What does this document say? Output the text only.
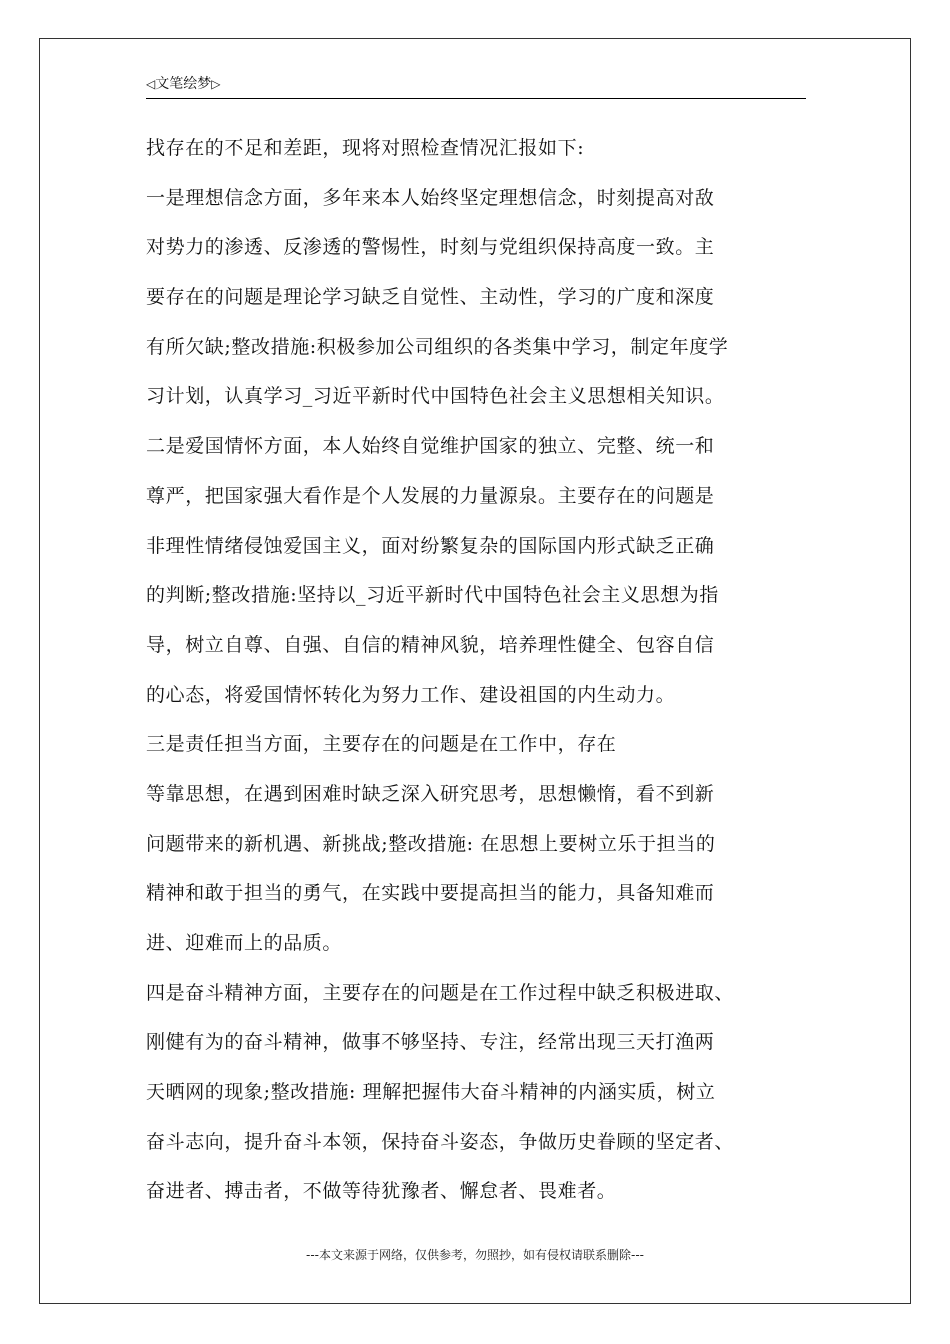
◁文笔绘梦▷
找存在的不足和差距，现将对照检查情况汇报如下:
一是理想信念方面，多年来本人始终坚定理想信念，时刻提高对敌
对势力的渗透、反渗透的警惕性，时刻与党组织保持高度一致。主
要存在的问题是理论学习缺乏自觉性、主动性，学习的广度和深度
有所欠缺;整改措施:积极参加公司组织的各类集中学习，制定年度学
习计划，认真学习_习近平新时代中国特色社会主义思想相关知识。
二是爱国情怀方面，本人始终自觉维护国家的独立、完整、统一和
尊严，把国家强大看作是个人发展的力量源泉。主要存在的问题是
非理性情绪侵蚀爱国主义，面对纷繁复杂的国际国内形式缺乏正确
的判断;整改措施:坚持以_习近平新时代中国特色社会主义思想为指
导，树立自尊、自强、自信的精神风貌，培养理性健全、包容自信
的心态，将爱国情怀转化为努力工作、建设祖国的内生动力。
三是责任担当方面，主要存在的问题是在工作中，存在
等靠思想，在遇到困难时缺乏深入研究思考，思想懒惰，看不到新
问题带来的新机遇、新挑战;整改措施: 在思想上要树立乐于担当的
精神和敢于担当的勇气，在实践中要提高担当的能力，具备知难而
进、迎难而上的品质。
四是奋斗精神方面，主要存在的问题是在工作过程中缺乏积极进取、
刚健有为的奋斗精神，做事不够坚持、专注，经常出现三天打渔两
天晒网的现象;整改措施: 理解把握伟大奋斗精神的内涵实质，树立
奋斗志向，提升奋斗本领，保持奋斗姿态，争做历史眷顾的坚定者、
奋进者、搏击者，不做等待犹豫者、懈怠者、畏难者。
---本文来源于网络，仅供参考，勿照抄，如有侵权请联系删除---
